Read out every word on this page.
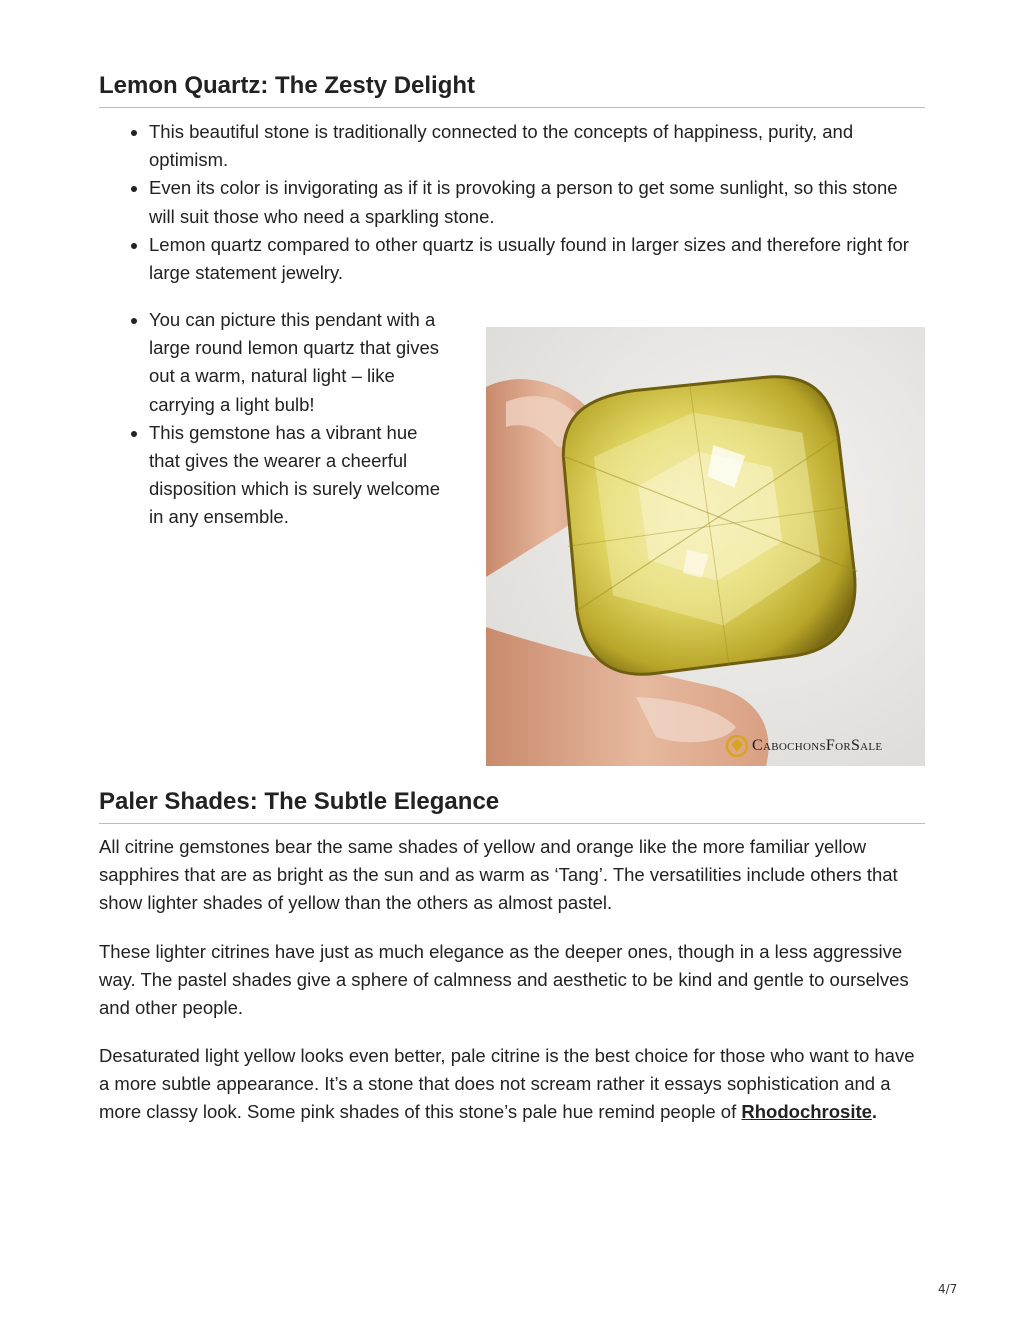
Lemon Quartz: The Zesty Delight
This beautiful stone is traditionally connected to the concepts of happiness, purity, and optimism.
Even its color is invigorating as if it is provoking a person to get some sunlight, so this stone will suit those who need a sparkling stone.
Lemon quartz compared to other quartz is usually found in larger sizes and therefore right for large statement jewelry.
You can picture this pendant with a large round lemon quartz that gives out a warm, natural light – like carrying a light bulb!
This gemstone has a vibrant hue that gives the wearer a cheerful disposition which is surely welcome in any ensemble.
CabochonsForSale
Paler Shades: The Subtle Elegance

All citrine gemstones bear the same shades of yellow and orange like the more familiar yellow sapphires that are as bright as the sun and as warm as ‘Tang’. The versatilities include others that show lighter shades of yellow than the others as almost pastel.

These lighter citrines have just as much elegance as the deeper ones, though in a less aggressive way. The pastel shades give a sphere of calmness and aesthetic to be kind and gentle to ourselves and other people.

Desaturated light yellow looks even better, pale citrine is the best choice for those who want to have a more subtle appearance. It’s a stone that does not scream rather it essays sophistication and a more classy look. Some pink shades of this stone’s pale hue remind people of Rhodochrosite.

4/7
